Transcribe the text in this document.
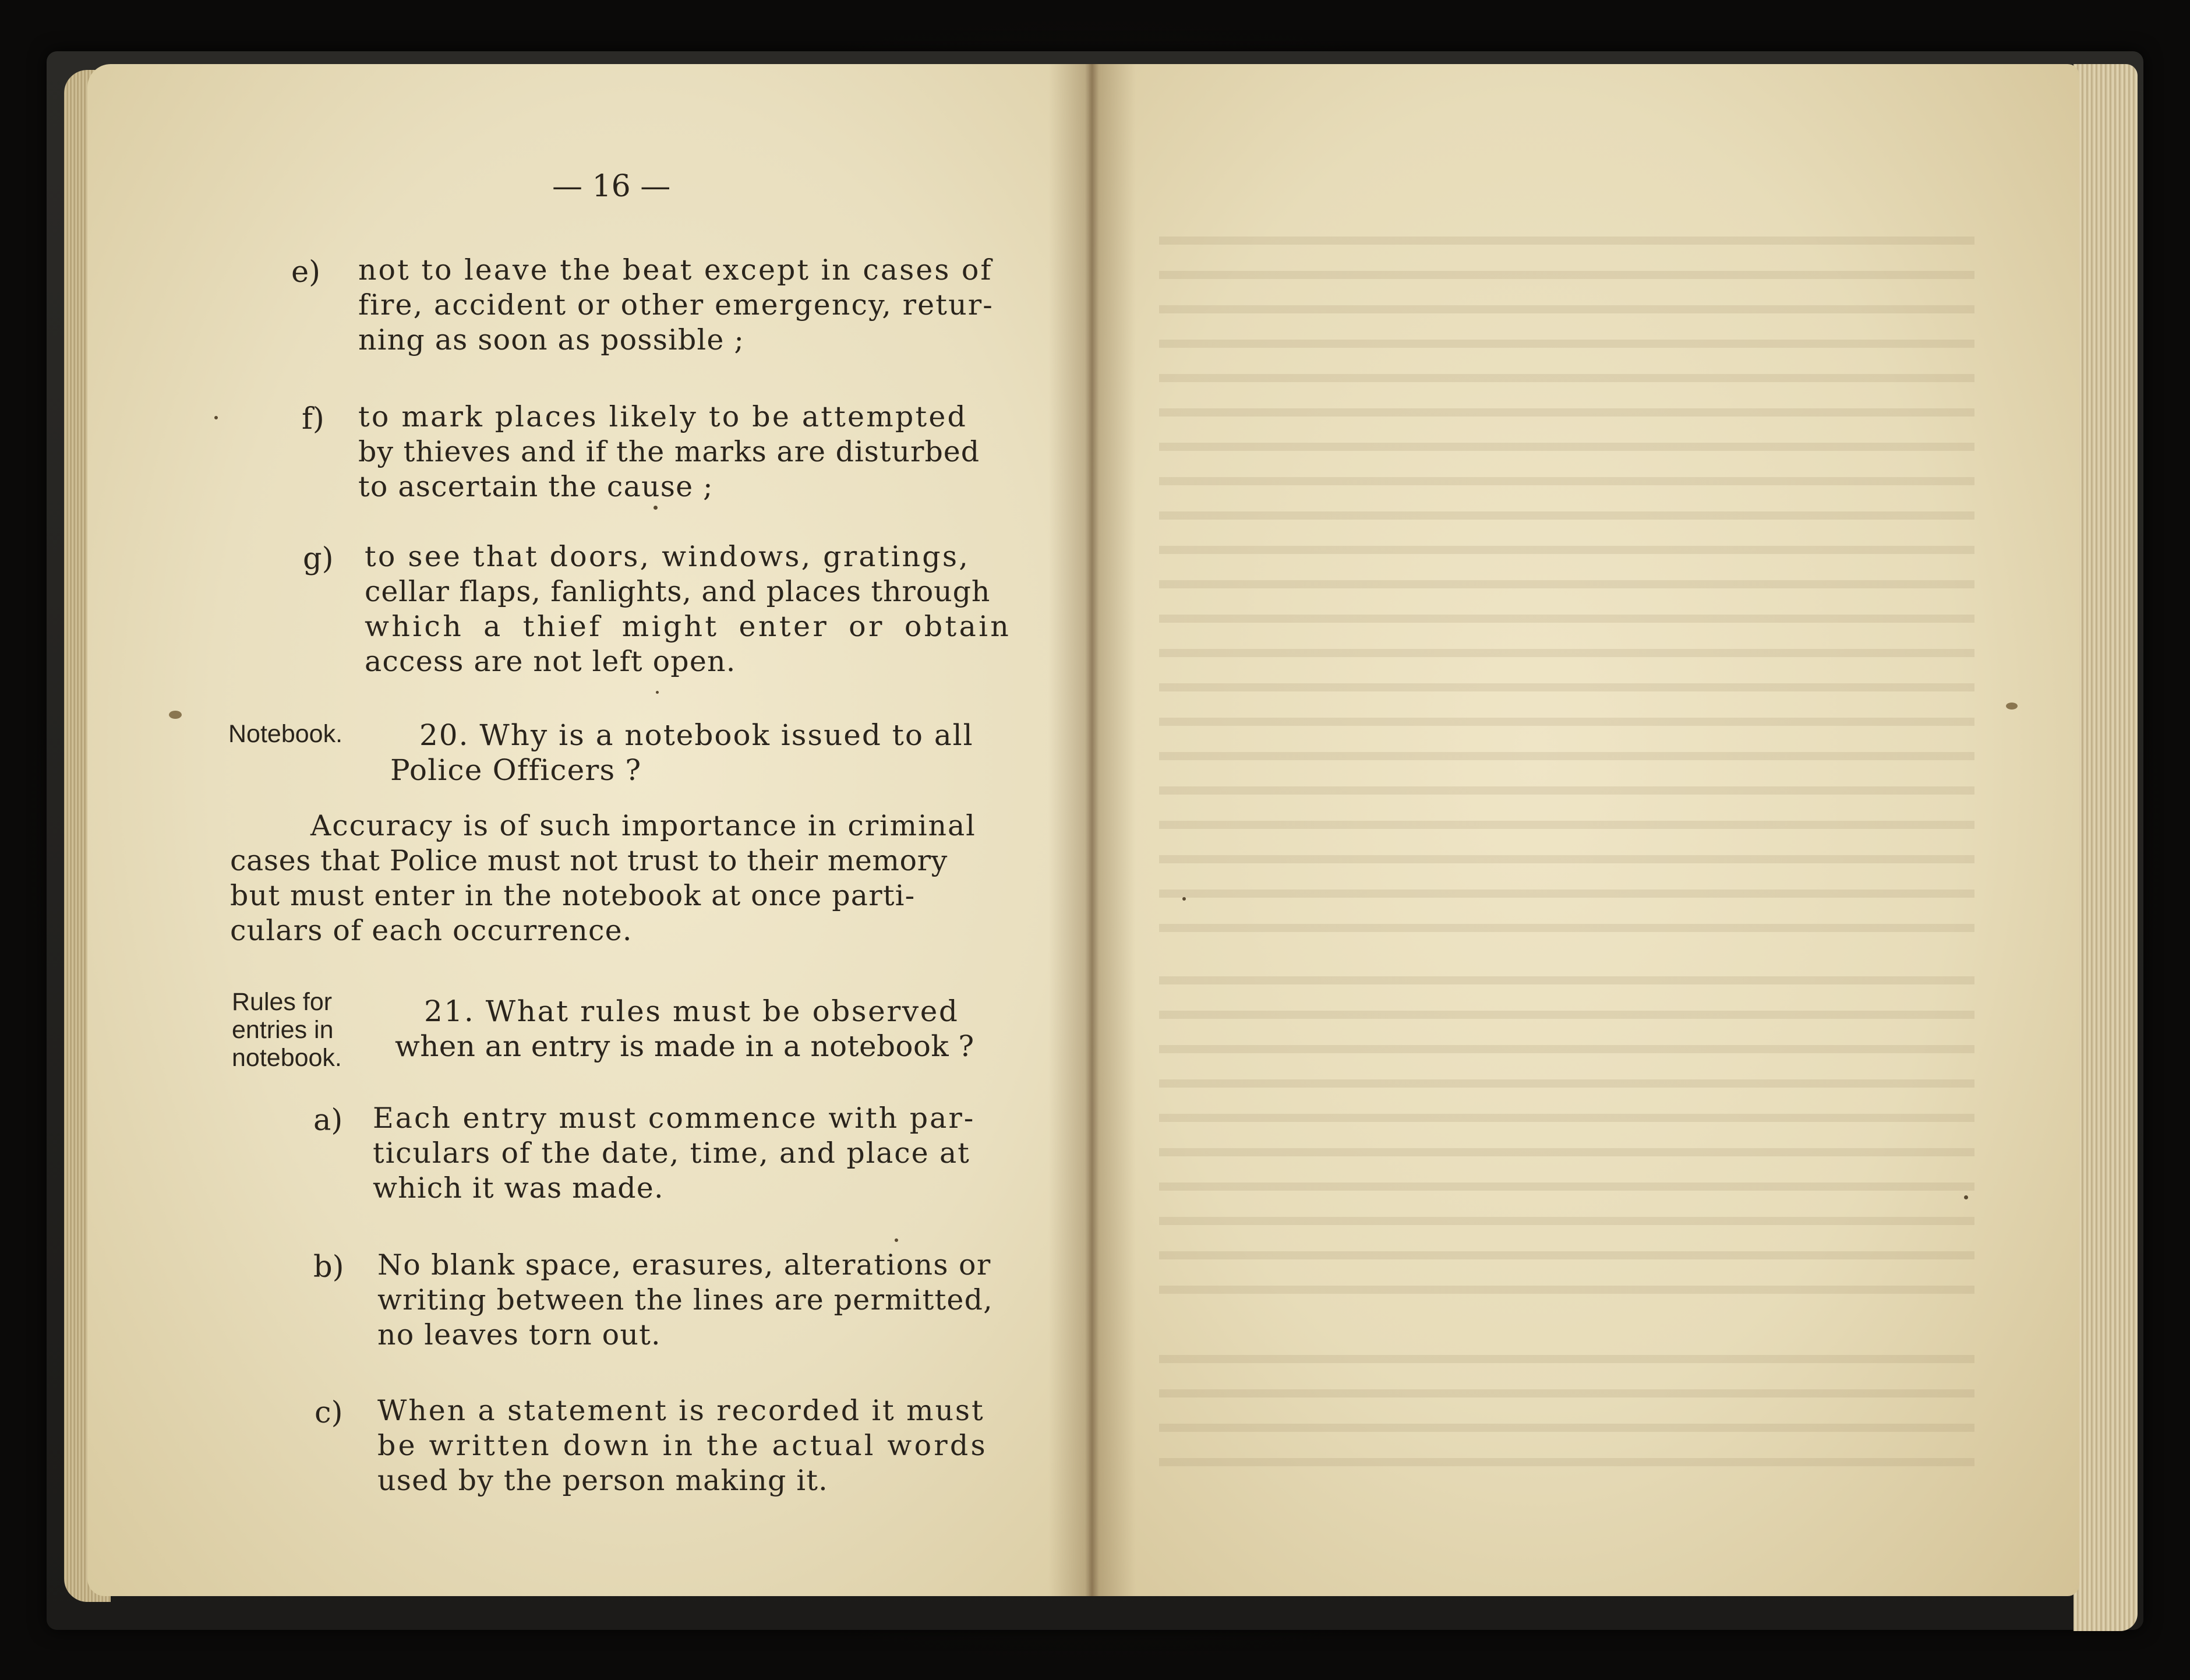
— 16 —
e) not to leave the beat except in cases of
fire, accident or other emergency, retur-
ning as soon as possible ;
f) to mark places likely to be attempted
by thieves and if the marks are disturbed
to ascertain the cause ;
g) to see that doors, windows, gratings,
cellar flaps, fanlights, and places through
which a thief might enter or obtain
access are not left open.
Notebook.	20. Why is a notebook issued to all
Police Officers ?
Accuracy is of such importance in criminal
cases that Police must not trust to their memory
but must enter in the notebook at once parti-
culars of each occurrence.
Rules for
entries in
notebook.
21. What rules must be observed
when an entry is made in a notebook ?
a) Each entry must commence with par-
ticulars of the date, time, and place at
which it was made.
b) No blank space, erasures, alterations or
writing between the lines are permitted,
no leaves torn out.
c) When a statement is recorded it must
be written down in the actual words
used by the person making it.
